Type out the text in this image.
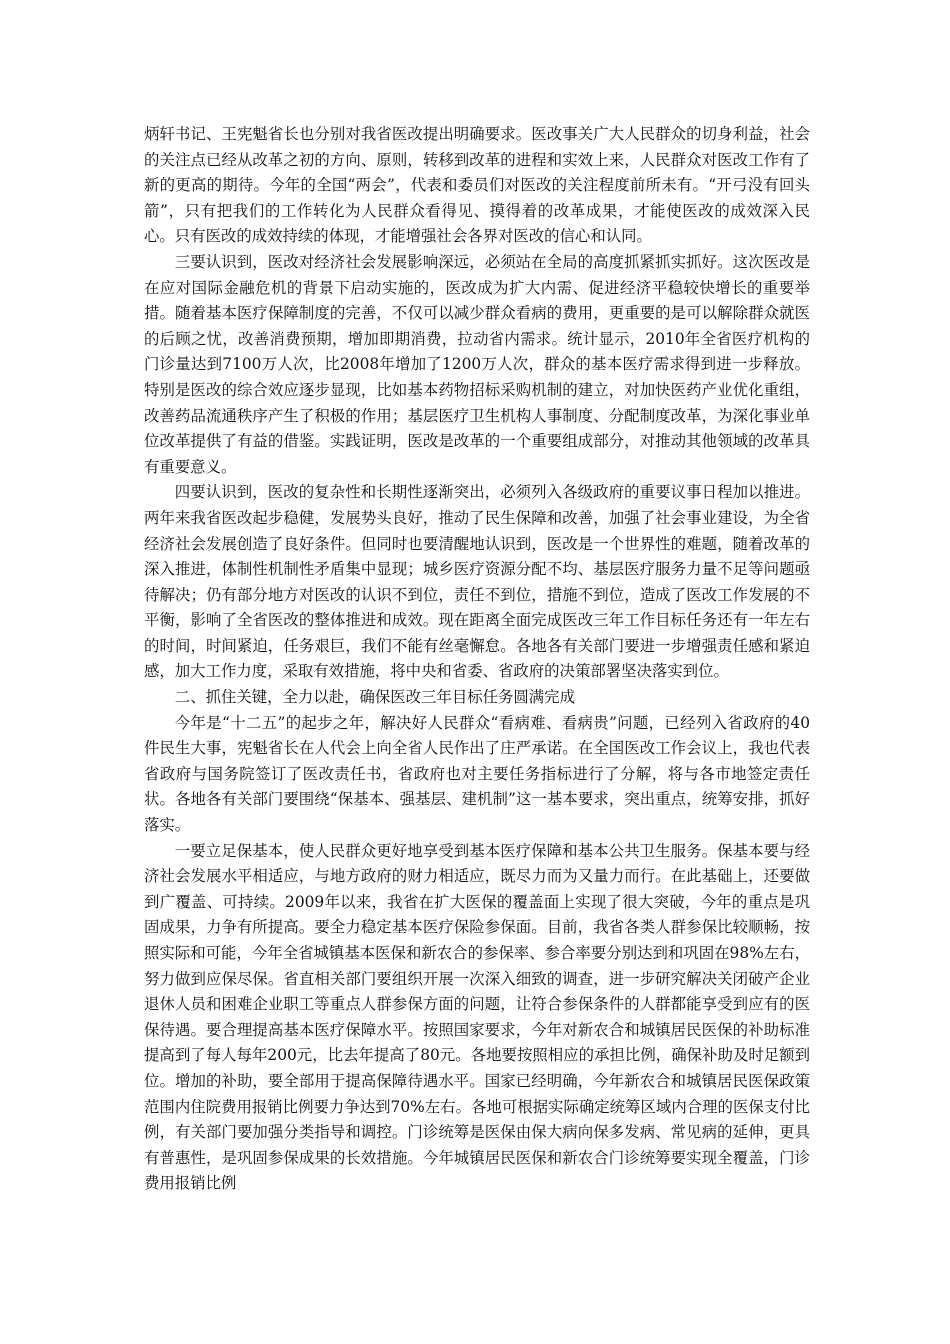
炳轩书记、王宪魁省长也分别对我省医改提出明确要求。医改事关广大人民群众的切身利益，社会的关注点已经从改革之初的方向、原则，转移到改革的进程和实效上来，人民群众对医改工作有了新的更高的期待。今年的全国“两会”，代表和委员们对医改的关注程度前所未有。“开弓没有回头箭”，只有把我们的工作转化为人民群众看得见、摸得着的改革成果，才能使医改的成效深入民心。只有医改的成效持续的体现，才能增强社会各界对医改的信心和认同。

三要认识到，医改对经济社会发展影响深远，必须站在全局的高度抓紧抓实抓好。这次医改是在应对国际金融危机的背景下启动实施的，医改成为扩大内需、促进经济平稳较快增长的重要举措。随着基本医疗保障制度的完善，不仅可以减少群众看病的费用，更重要的是可以解除群众就医的后顾之忧，改善消费预期，增加即期消费，拉动省内需求。统计显示，2010年全省医疗机构的门诊量达到7100万人次，比2008年增加了1200万人次，群众的基本医疗需求得到进一步释放。特别是医改的综合效应逐步显现，比如基本药物招标采购机制的建立，对加快医药产业优化重组，改善药品流通秩序产生了积极的作用；基层医疗卫生机构人事制度、分配制度改革，为深化事业单位改革提供了有益的借鉴。实践证明，医改是改革的一个重要组成部分，对推动其他领域的改革具有重要意义。

四要认识到，医改的复杂性和长期性逐渐突出，必须列入各级政府的重要议事日程加以推进。两年来我省医改起步稳健，发展势头良好，推动了民生保障和改善，加强了社会事业建设，为全省经济社会发展创造了良好条件。但同时也要清醒地认识到，医改是一个世界性的难题，随着改革的深入推进，体制性机制性矛盾集中显现；城乡医疗资源分配不均、基层医疗服务力量不足等问题亟待解决；仍有部分地方对医改的认识不到位，责任不到位，措施不到位，造成了医改工作发展的不平衡，影响了全省医改的整体推进和成效。现在距离全面完成医改三年工作目标任务还有一年左右的时间，时间紧迫，任务艰巨，我们不能有丝毫懈怠。各地各有关部门要进一步增强责任感和紧迫感，加大工作力度，采取有效措施，将中央和省委、省政府的决策部署坚决落实到位。

二、抓住关键，全力以赴，确保医改三年目标任务圆满完成

今年是“十二五”的起步之年，解决好人民群众“看病难、看病贵”问题，已经列入省政府的40件民生大事，宪魁省长在人代会上向全省人民作出了庄严承诺。在全国医改工作会议上，我也代表省政府与国务院签订了医改责任书，省政府也对主要任务指标进行了分解，将与各市地签定责任状。各地各有关部门要围绕“保基本、强基层、建机制”这一基本要求，突出重点，统筹安排，抓好落实。

一要立足保基本，使人民群众更好地享受到基本医疗保障和基本公共卫生服务。保基本要与经济社会发展水平相适应，与地方政府的财力相适应，既尽力而为又量力而行。在此基础上，还要做到广覆盖、可持续。2009年以来，我省在扩大医保的覆盖面上实现了很大突破，今年的重点是巩固成果，力争有所提高。要全力稳定基本医疗保险参保面。目前，我省各类人群参保比较顺畅，按照实际和可能，今年全省城镇基本医保和新农合的参保率、参合率要分别达到和巩固在98%左右，努力做到应保尽保。省直相关部门要组织开展一次深入细致的调查，进一步研究解决关闭破产企业退休人员和困难企业职工等重点人群参保方面的问题，让符合参保条件的人群都能享受到应有的医保待遇。要合理提高基本医疗保障水平。按照国家要求，今年对新农合和城镇居民医保的补助标准提高到了每人每年200元，比去年提高了80元。各地要按照相应的承担比例，确保补助及时足额到位。增加的补助，要全部用于提高保障待遇水平。国家已经明确，今年新农合和城镇居民医保政策范围内住院费用报销比例要力争达到70%左右。各地可根据实际确定统筹区域内合理的医保支付比例，有关部门要加强分类指导和调控。门诊统筹是医保由保大病向保多发病、常见病的延伸，更具有普惠性，是巩固参保成果的长效措施。今年城镇居民医保和新农合门诊统筹要实现全覆盖，门诊费用报销比例
